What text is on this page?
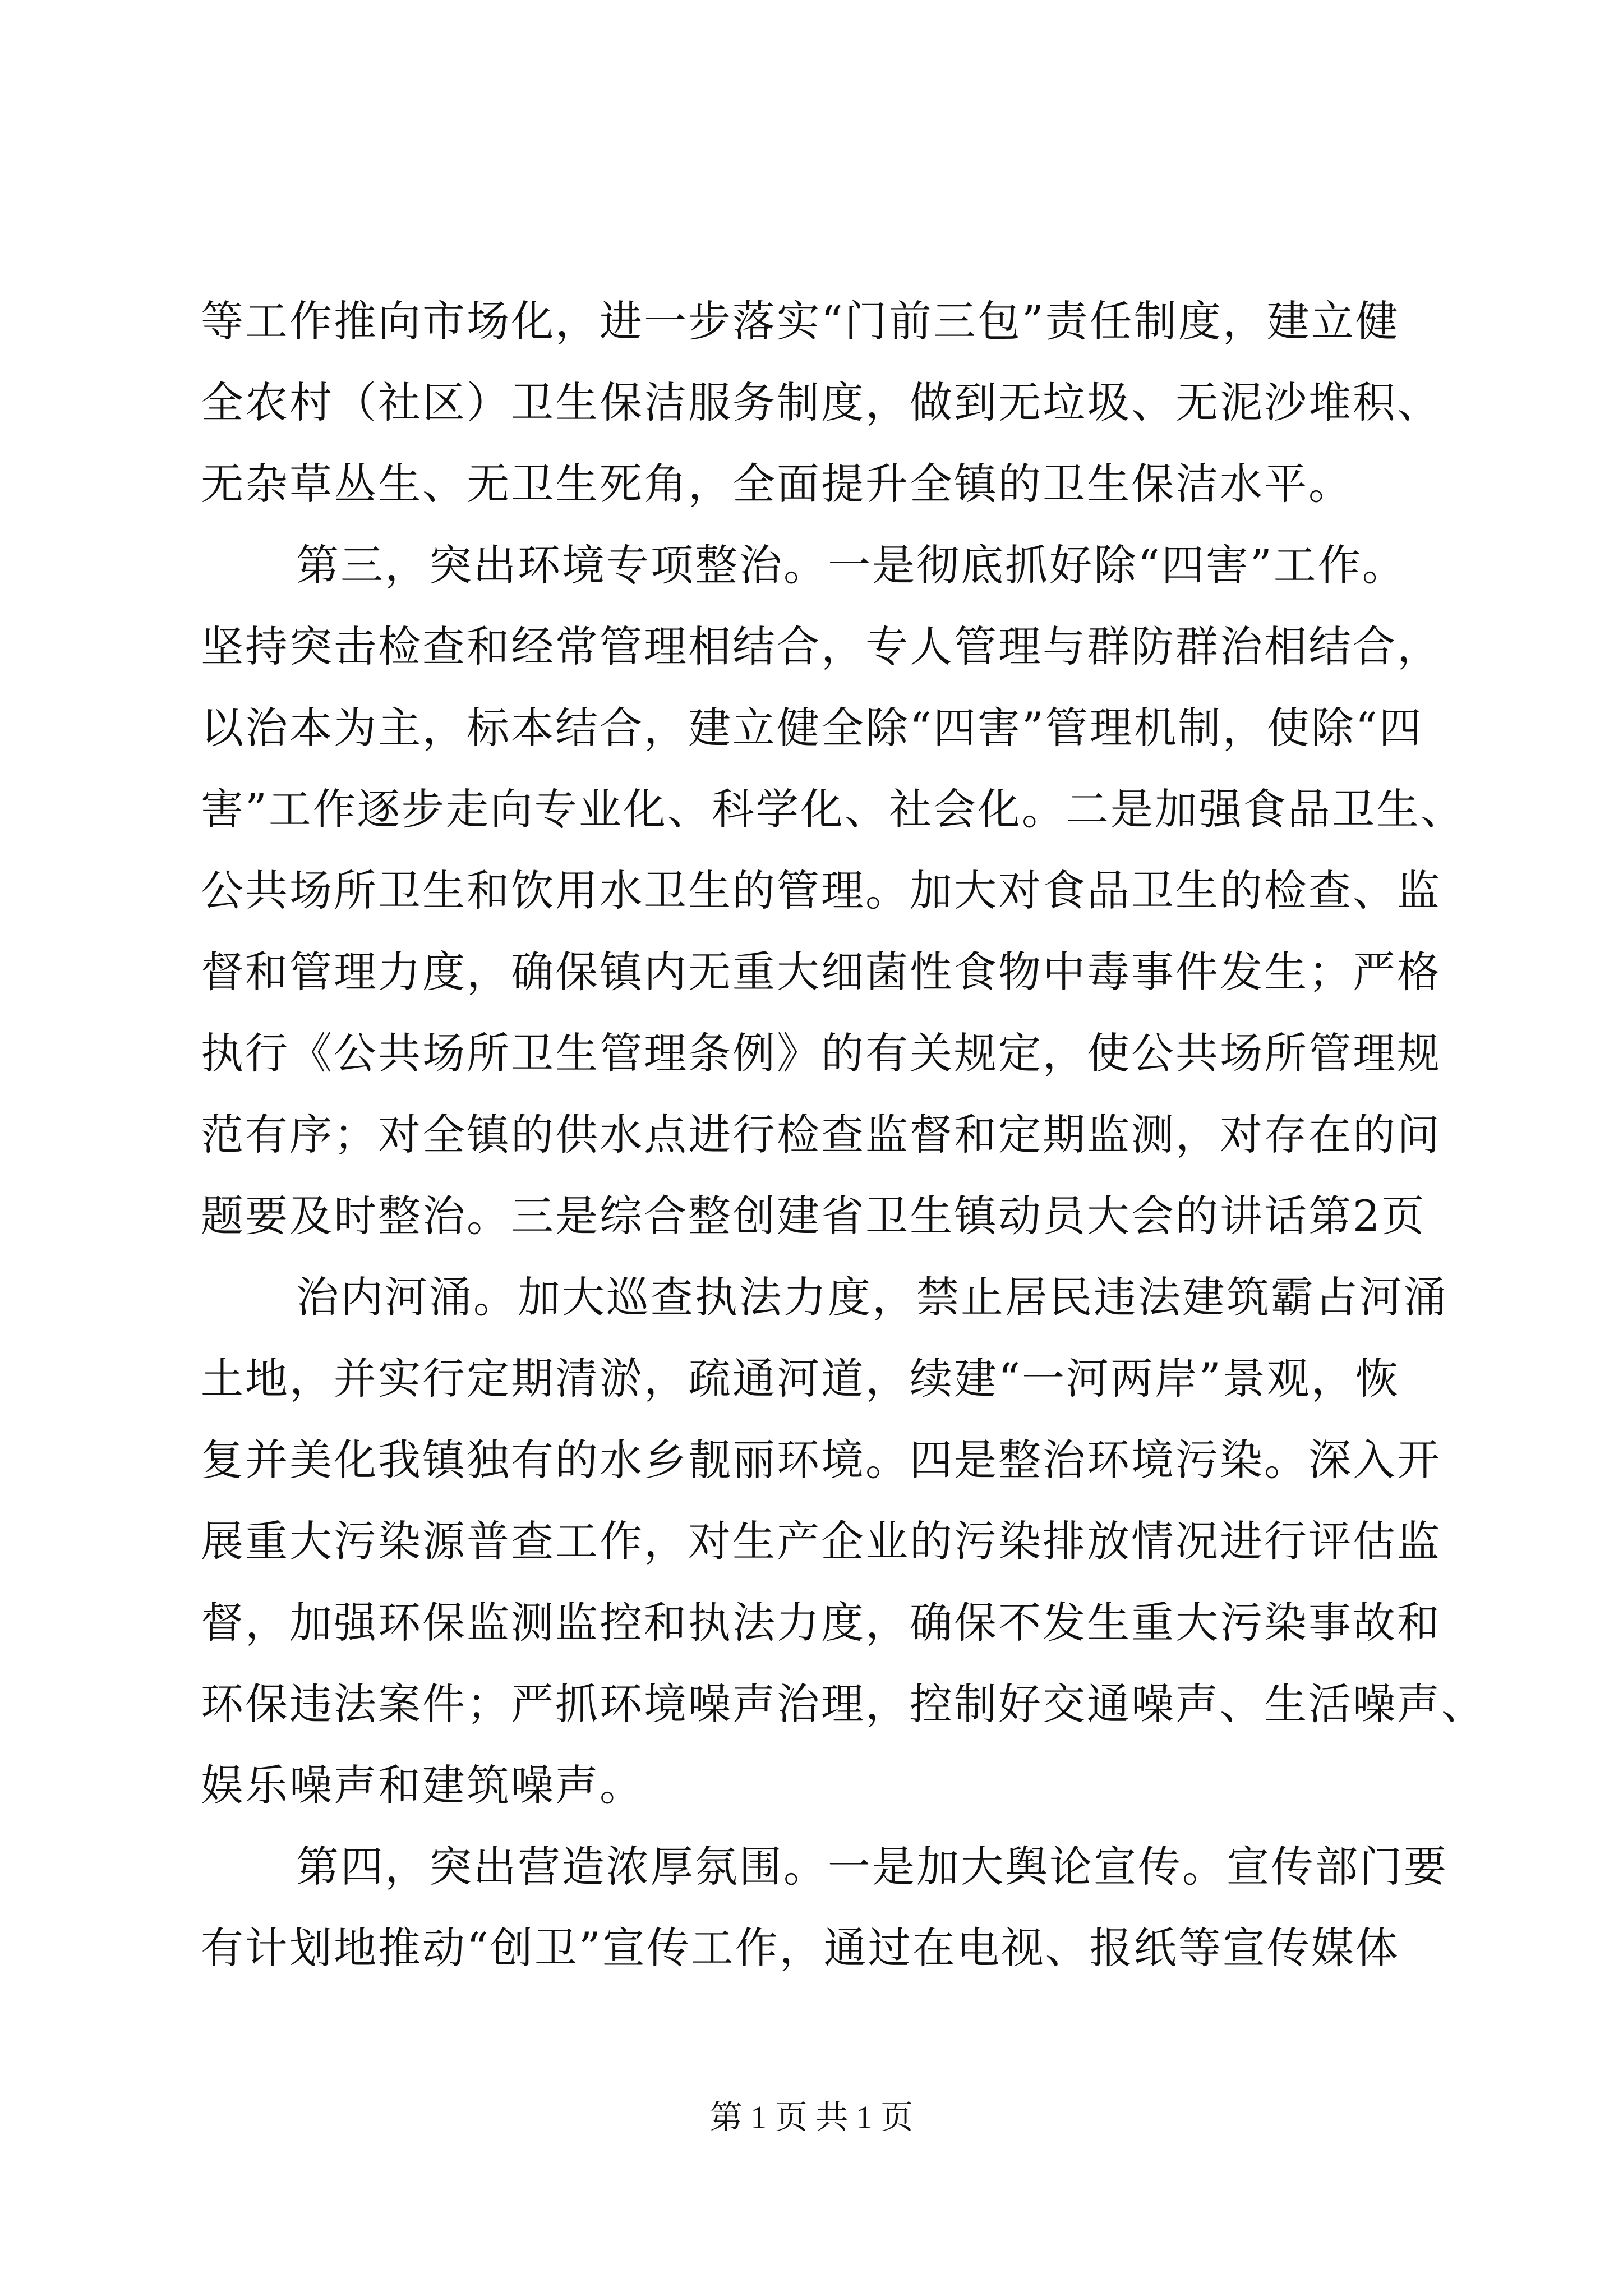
等工作推向市场化，进一步落实“门前三包”责任制度，建立健
全农村（社区）卫生保洁服务制度，做到无垃圾、无泥沙堆积、
无杂草丛生、无卫生死角，全面提升全镇的卫生保洁水平。
第三，突出环境专项整治。一是彻底抓好除“四害”工作。
坚持突击检查和经常管理相结合，专人管理与群防群治相结合，
以治本为主，标本结合，建立健全除“四害”管理机制，使除“四
害”工作逐步走向专业化、科学化、社会化。二是加强食品卫生、
公共场所卫生和饮用水卫生的管理。加大对食品卫生的检查、监
督和管理力度，确保镇内无重大细菌性食物中毒事件发生；严格
执行《公共场所卫生管理条例》的有关规定，使公共场所管理规
范有序；对全镇的供水点进行检查监督和定期监测，对存在的问
题要及时整治。三是综合整创建省卫生镇动员大会的讲话第2页
治内河涌。加大巡查执法力度，禁止居民违法建筑霸占河涌
土地，并实行定期清淤，疏通河道，续建“一河两岸”景观，恢
复并美化我镇独有的水乡靓丽环境。四是整治环境污染。深入开
展重大污染源普查工作，对生产企业的污染排放情况进行评估监
督，加强环保监测监控和执法力度，确保不发生重大污染事故和
环保违法案件；严抓环境噪声治理，控制好交通噪声、生活噪声、
娱乐噪声和建筑噪声。
第四，突出营造浓厚氛围。一是加大舆论宣传。宣传部门要
有计划地推动“创卫”宣传工作，通过在电视、报纸等宣传媒体
第 1 页 共 1 页
